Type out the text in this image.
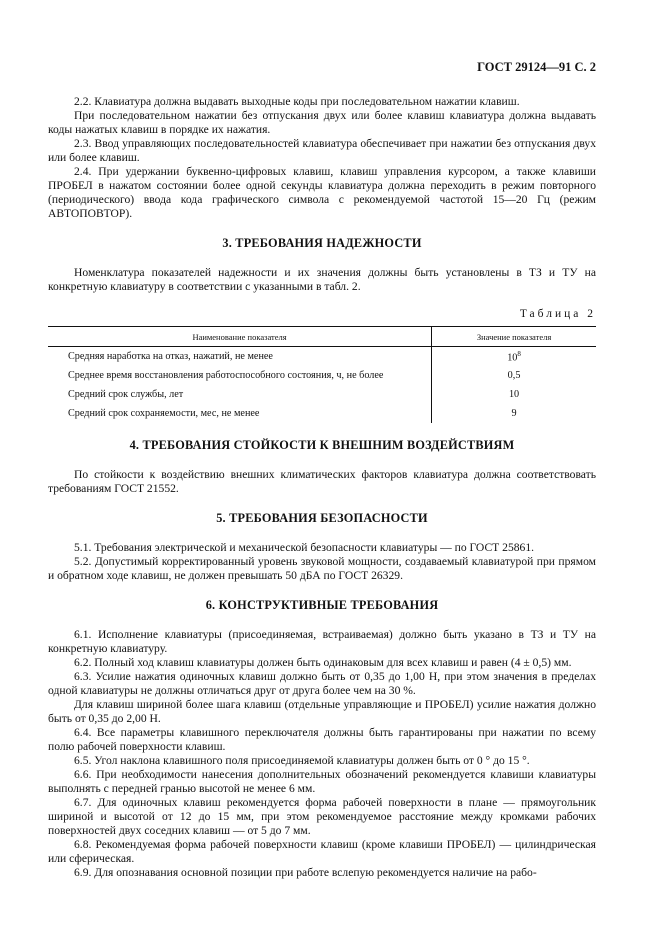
ГОСТ 29124—91 С. 2

2.2. Клавиатура должна выдавать выходные коды при последовательном нажатии клавиш.

При последовательном нажатии без отпускания двух или более клавиш клавиатура должна выдавать коды нажатых клавиш в порядке их нажатия.

2.3. Ввод управляющих последовательностей клавиатура обеспечивает при нажатии без отпускания двух или более клавиш.

2.4. При удержании буквенно-цифровых клавиш, клавиш управления курсором, а также клавиши ПРОБЕЛ в нажатом состоянии более одной секунды клавиатура должна переходить в режим повторного (периодического) ввода кода графического символа с рекомендуемой частотой 15—20 Гц (режим АВТОПОВТОР).

3. ТРЕБОВАНИЯ НАДЕЖНОСТИ

Номенклатура показателей надежности и их значения должны быть установлены в ТЗ и ТУ на конкретную клавиатуру в соответствии с указанными в табл. 2.

Таблица 2
Наименование показателя	Значение показателя
Средняя наработка на отказ, нажатий, не менее	$10^8$
Среднее время восстановления работоспособного состояния, ч, не более	0,5
Средний срок службы, лет	10
Средний срок сохраняемости, мес, не менее	9
4. ТРЕБОВАНИЯ СТОЙКОСТИ К ВНЕШНИМ ВОЗДЕЙСТВИЯМ

По стойкости к воздействию внешних климатических факторов клавиатура должна соответствовать требованиям ГОСТ 21552.

5. ТРЕБОВАНИЯ БЕЗОПАСНОСТИ

5.1. Требования электрической и механической безопасности клавиатуры — по ГОСТ 25861.

5.2. Допустимый корректированный уровень звуковой мощности, создаваемый клавиатурой при прямом и обратном ходе клавиш, не должен превышать 50 дБА по ГОСТ 26329.

6. КОНСТРУКТИВНЫЕ ТРЕБОВАНИЯ

6.1. Исполнение клавиатуры (присоединяемая, встраиваемая) должно быть указано в ТЗ и ТУ на конкретную клавиатуру.

6.2. Полный ход клавиш клавиатуры должен быть одинаковым для всех клавиш и равен (4 ± 0,5) мм.

6.3. Усилие нажатия одиночных клавиш должно быть от 0,35 до 1,00 Н, при этом значения в пределах одной клавиатуры не должны отличаться друг от друга более чем на 30 %.

Для клавиш шириной более шага клавиш (отдельные управляющие и ПРОБЕЛ) усилие нажатия должно быть от 0,35 до 2,00 Н.

6.4. Все параметры клавишного переключателя должны быть гарантированы при нажатии по всему полю рабочей поверхности клавиш.

6.5. Угол наклона клавишного поля присоединяемой клавиатуры должен быть от 0 ° до 15 °.

6.6. При необходимости нанесения дополнительных обозначений рекомендуется клавиши клавиатуры выполнять с передней гранью высотой не менее 6 мм.

6.7. Для одиночных клавиш рекомендуется форма рабочей поверхности в плане — прямоугольник шириной и высотой от 12 до 15 мм, при этом рекомендуемое расстояние между кромками рабочих поверхностей двух соседних клавиш — от 5 до 7 мм.

6.8. Рекомендуемая форма рабочей поверхности клавиш (кроме клавиши ПРОБЕЛ) — цилиндрическая или сферическая.

6.9. Для опознавания основной позиции при работе вслепую рекомендуется наличие на рабо-
